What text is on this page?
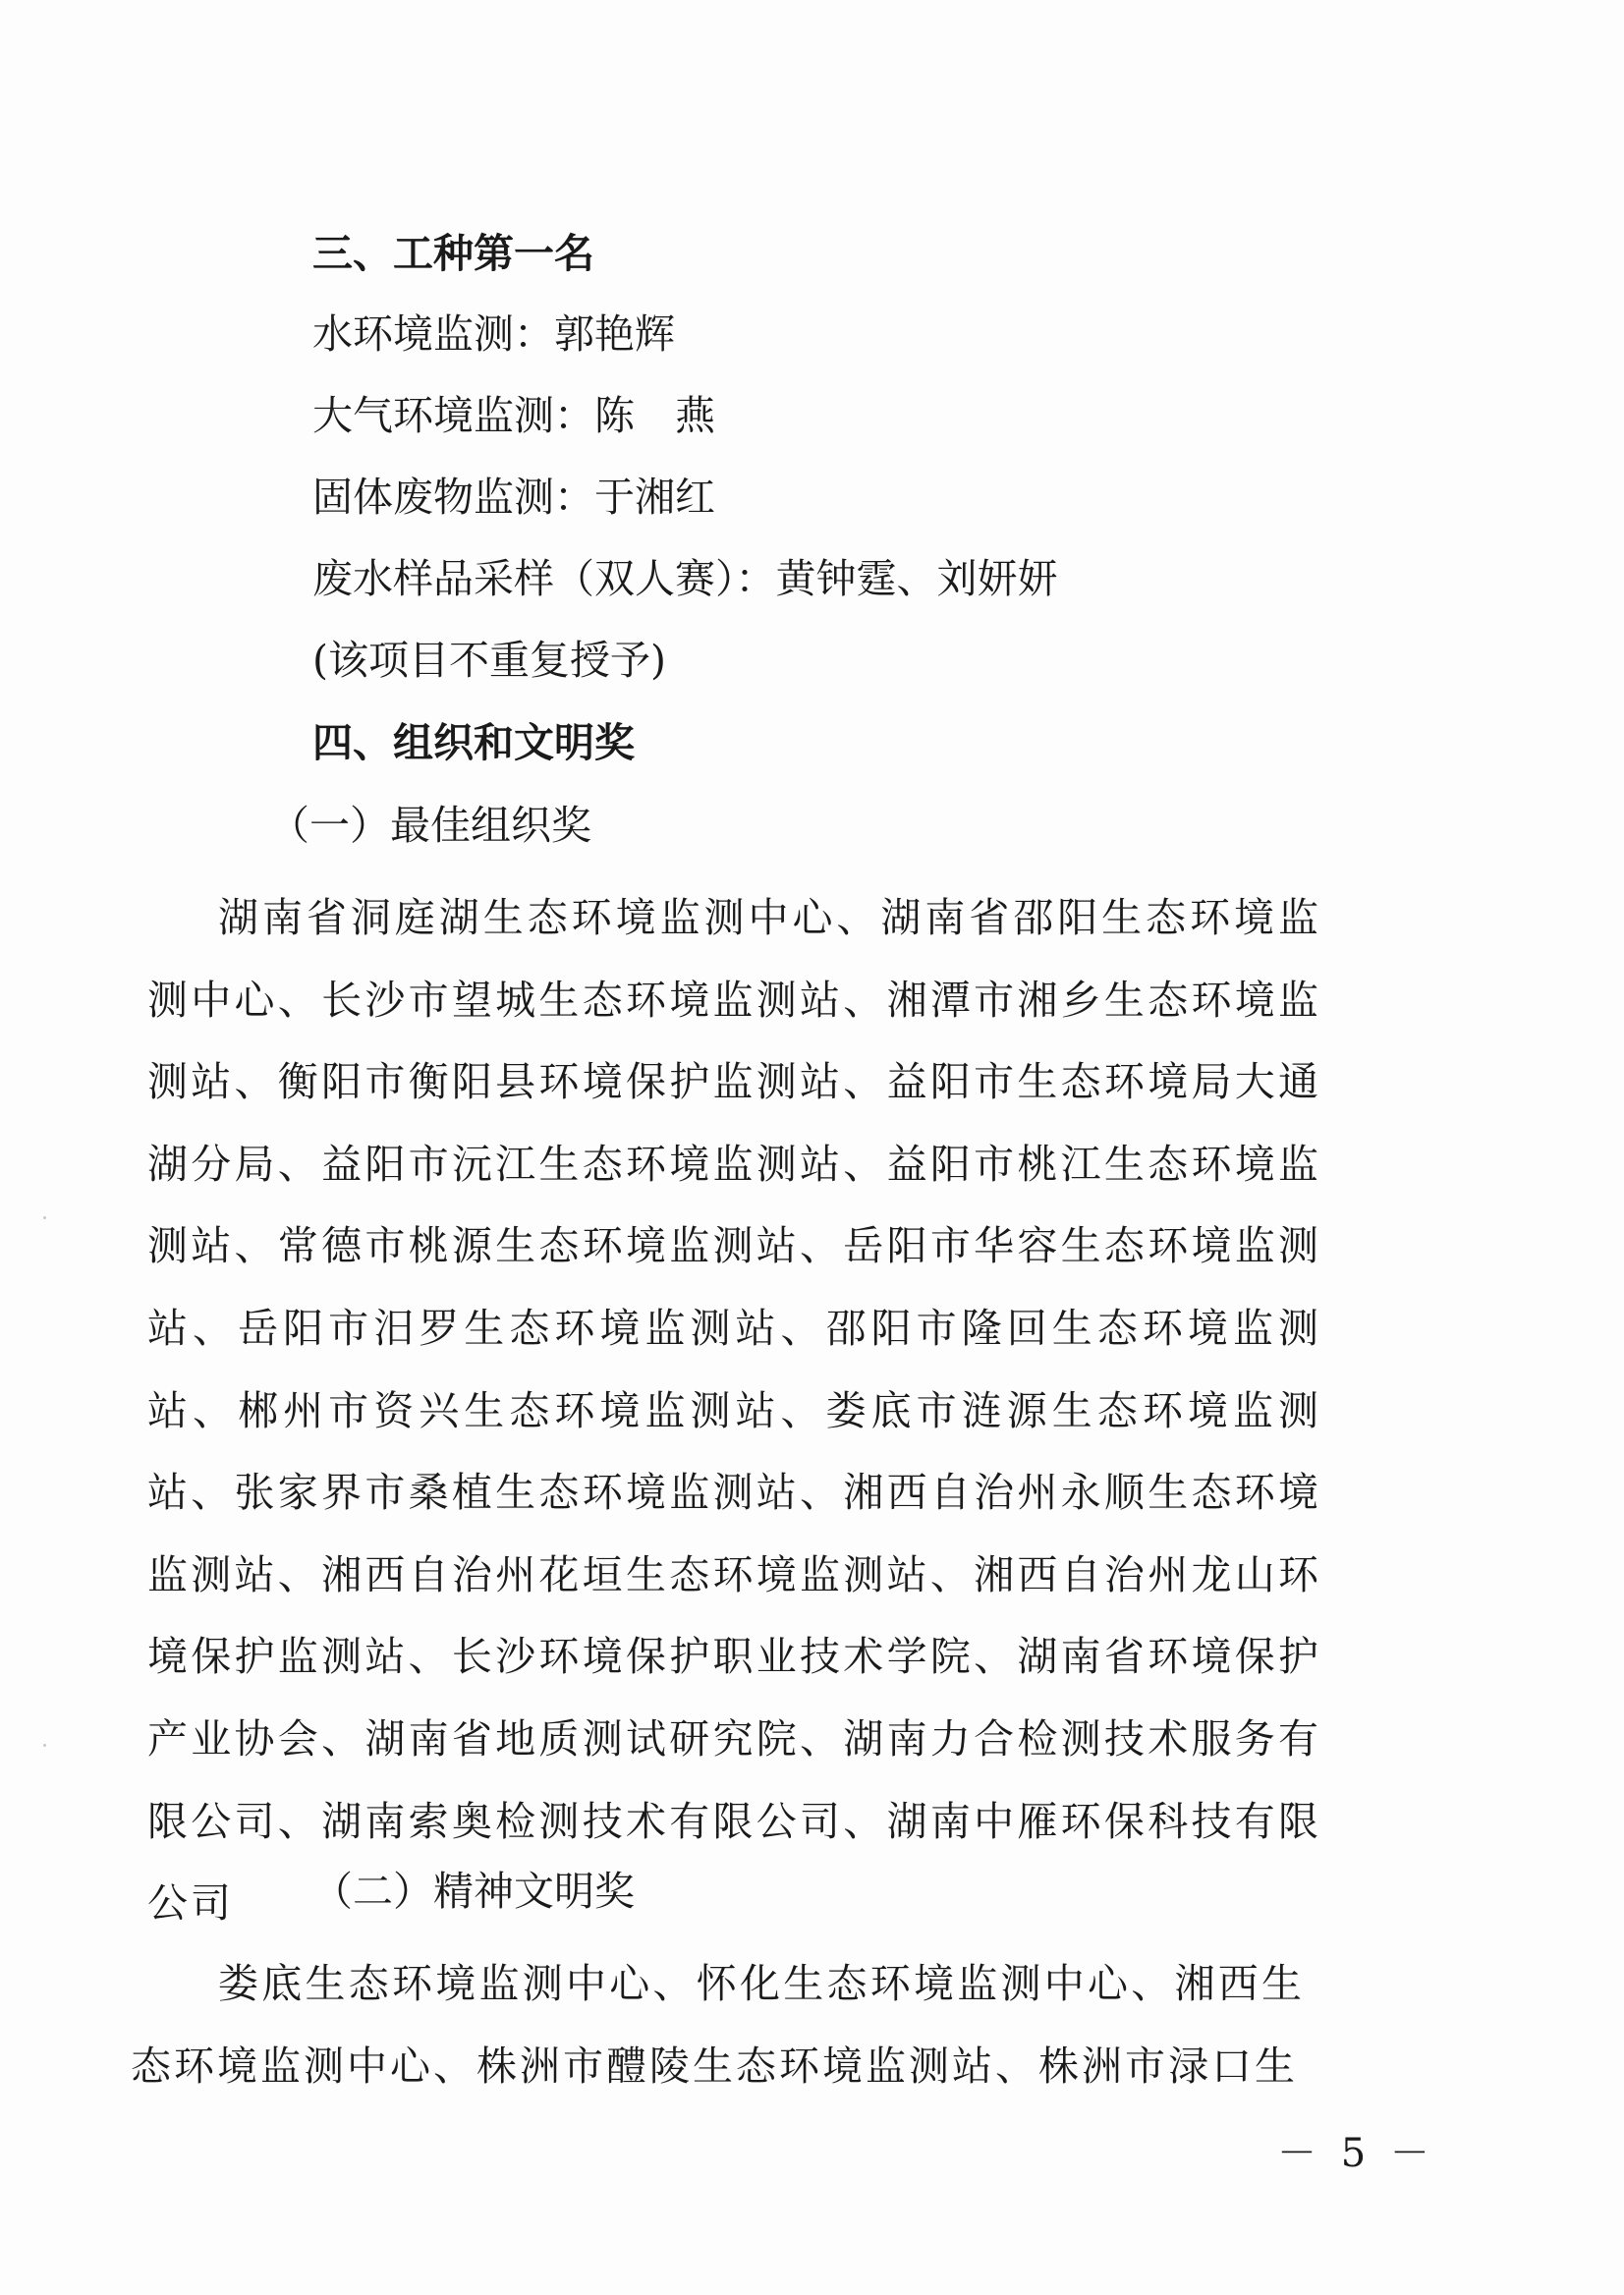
三、工种第一名
水环境监测：郭艳辉
大气环境监测：陈　燕
固体废物监测：于湘红
废水样品采样（双人赛）：黄钟霆、刘妍妍
(该项目不重复授予)
四、组织和文明奖
（一）最佳组织奖
湖南省洞庭湖生态环境监测中心、湖南省邵阳生态环境监测中心、长沙市望城生态环境监测站、湘潭市湘乡生态环境监测站、衡阳市衡阳县环境保护监测站、益阳市生态环境局大通湖分局、益阳市沅江生态环境监测站、益阳市桃江生态环境监测站、常德市桃源生态环境监测站、岳阳市华容生态环境监测站、岳阳市汨罗生态环境监测站、邵阳市隆回生态环境监测站、郴州市资兴生态环境监测站、娄底市涟源生态环境监测站、张家界市桑植生态环境监测站、湘西自治州永顺生态环境监测站、湘西自治州花垣生态环境监测站、湘西自治州龙山环境保护监测站、长沙环境保护职业技术学院、湖南省环境保护产业协会、湖南省地质测试研究院、湖南力合检测技术服务有限公司、湖南索奥检测技术有限公司、湖南中雁环保科技有限公司	（二）精神文明奖
娄底生态环境监测中心、怀化生态环境监测中心、湘西生态环境监测中心、株洲市醴陵生态环境监测站、株洲市渌口生
－ 5 －
